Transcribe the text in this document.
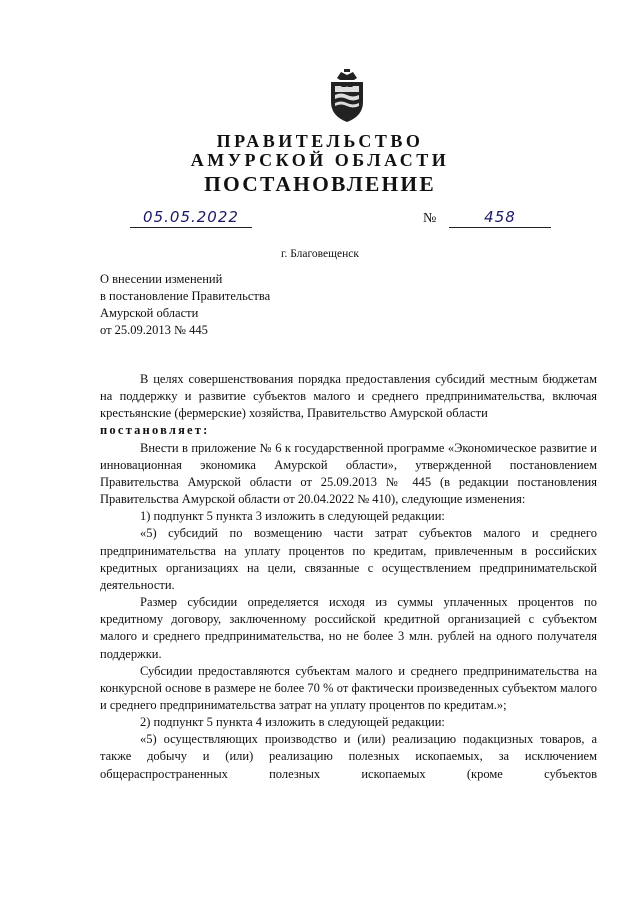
ПРАВИТЕЛЬСТВО
АМУРСКОЙ ОБЛАСТИ
ПОСТАНОВЛЕНИЕ
05.05.2022	№	458
г. Благовещенск
О внесении изменений
в постановление Правительства
Амурской области
от 25.09.2013 № 445

В целях совершенствования порядка предоставления субсидий местным бюджетам на поддержку и развитие субъектов малого и среднего предпринимательства, включая крестьянские (фермерские) хозяйства, Правительство Амурской области

постановляет:

Внести в приложение № 6 к государственной программе «Экономическое развитие и инновационная экономика Амурской области», утвержденной постановлением Правительства Амурской области от 25.09.2013 № 445 (в редакции постановления Правительства Амурской области от 20.04.2022 № 410), следующие изменения:

1) подпункт 5 пункта 3 изложить в следующей редакции:

«5) субсидий по возмещению части затрат субъектов малого и среднего предпринимательства на уплату процентов по кредитам, привлеченным в российских кредитных организациях на цели, связанные с осуществлением предпринимательской деятельности.

Размер субсидии определяется исходя из суммы уплаченных процентов по кредитному договору, заключенному российской кредитной организацией с субъектом малого и среднего предпринимательства, но не более 3 млн. рублей на одного получателя поддержки.

Субсидии предоставляются субъектам малого и среднего предпринимательства на конкурсной основе в размере не более 70 % от фактически произведенных субъектом малого и среднего предпринимательства затрат на уплату процентов по кредитам.»;

2) подпункт 5 пункта 4 изложить в следующей редакции:

«5) осуществляющих производство и (или) реализацию подакцизных товаров, а также добычу и (или) реализацию полезных ископаемых, за исключением общераспространенных полезных ископаемых (кроме субъектов
